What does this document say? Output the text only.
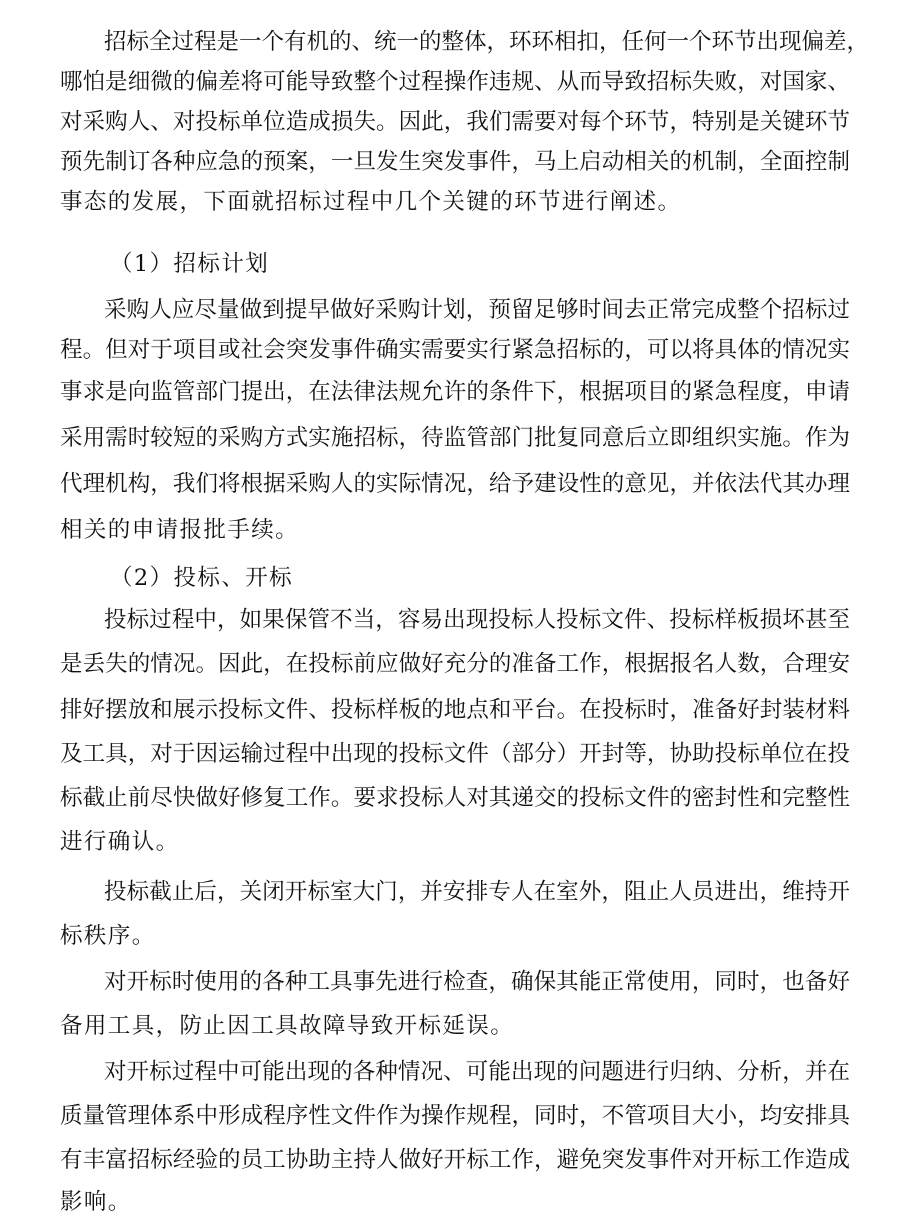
招标全过程是一个有机的、统一的整体，环环相扣，任何一个环节出现偏差，
哪怕是细微的偏差将可能导致整个过程操作违规、从而导致招标失败，对国家、
对采购人、对投标单位造成损失。因此，我们需要对每个环节，特别是关键环节
预先制订各种应急的预案，一旦发生突发事件，马上启动相关的机制，全面控制
事态的发展，下面就招标过程中几个关键的环节进行阐述。
（1）招标计划
采购人应尽量做到提早做好采购计划，预留足够时间去正常完成整个招标过
程。但对于项目或社会突发事件确实需要实行紧急招标的，可以将具体的情况实
事求是向监管部门提出，在法律法规允许的条件下，根据项目的紧急程度，申请
采用需时较短的采购方式实施招标，待监管部门批复同意后立即组织实施。作为
代理机构，我们将根据采购人的实际情况，给予建设性的意见，并依法代其办理
相关的申请报批手续。
（2）投标、开标
投标过程中，如果保管不当，容易出现投标人投标文件、投标样板损坏甚至
是丢失的情况。因此，在投标前应做好充分的准备工作，根据报名人数，合理安
排好摆放和展示投标文件、投标样板的地点和平台。在投标时，准备好封装材料
及工具，对于因运输过程中出现的投标文件（部分）开封等，协助投标单位在投
标截止前尽快做好修复工作。要求投标人对其递交的投标文件的密封性和完整性
进行确认。
投标截止后，关闭开标室大门，并安排专人在室外，阻止人员进出，维持开
标秩序。
对开标时使用的各种工具事先进行检查，确保其能正常使用，同时，也备好
备用工具，防止因工具故障导致开标延误。
对开标过程中可能出现的各种情况、可能出现的问题进行归纳、分析，并在
质量管理体系中形成程序性文件作为操作规程，同时，不管项目大小，均安排具
有丰富招标经验的员工协助主持人做好开标工作，避免突发事件对开标工作造成
影响。
